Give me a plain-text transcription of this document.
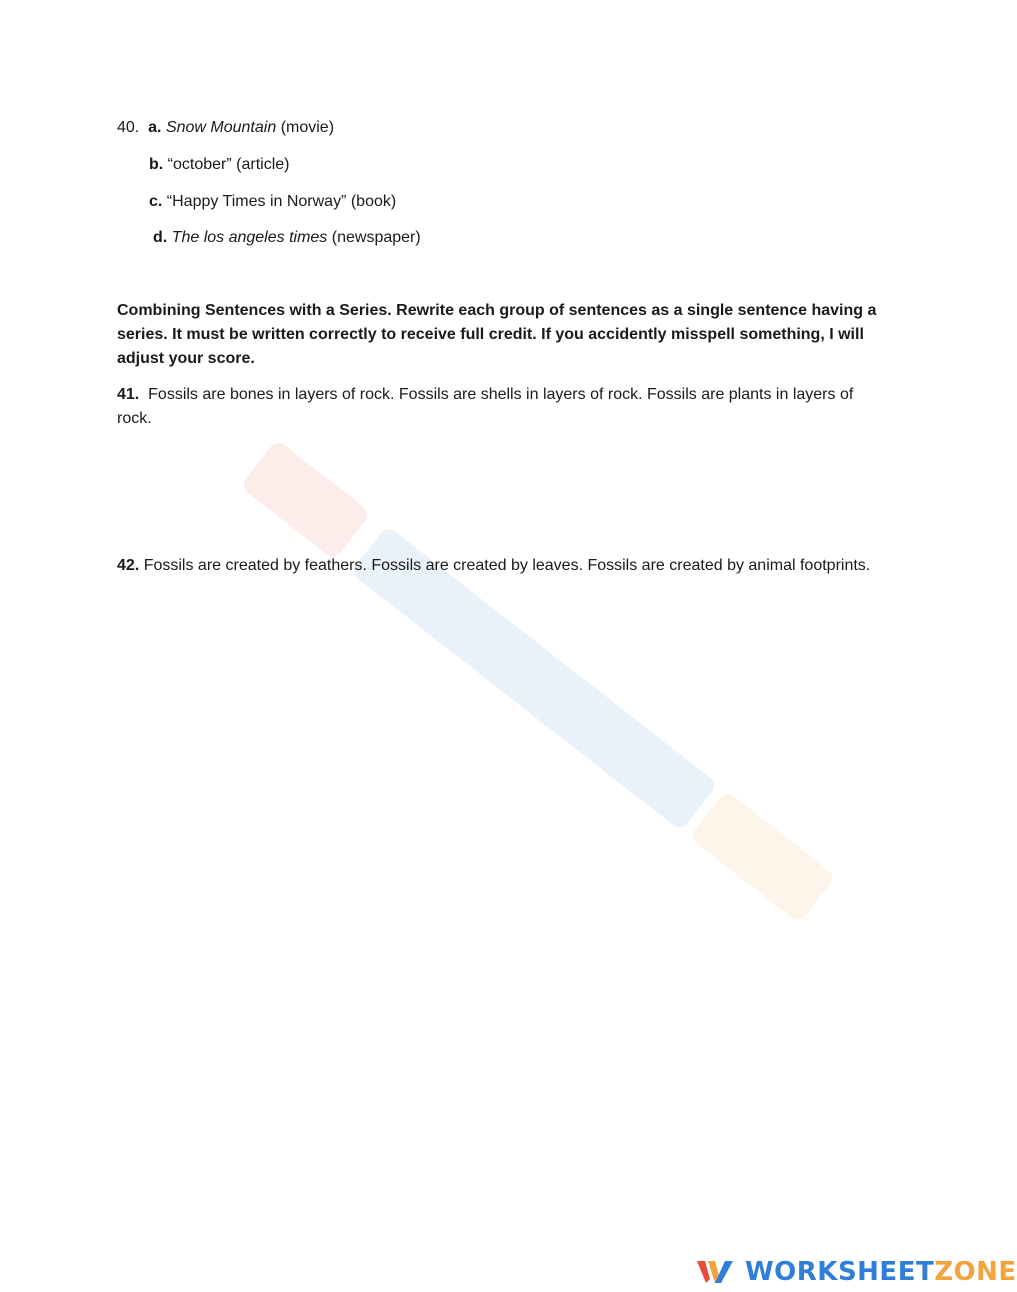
40. a. Snow Mountain (movie)
b. “october” (article)
c. “Happy Times in Norway” (book)
d. The los angeles times (newspaper)
Combining Sentences with a Series. Rewrite each group of sentences as a single sentence having a series. It must be written correctly to receive full credit. If you accidently misspell something, I will adjust your score.
41. Fossils are bones in layers of rock. Fossils are shells in layers of rock. Fossils are plants in layers of rock.
42. Fossils are created by feathers. Fossils are created by leaves. Fossils are created by animal footprints.
WORKSHEETZONE
